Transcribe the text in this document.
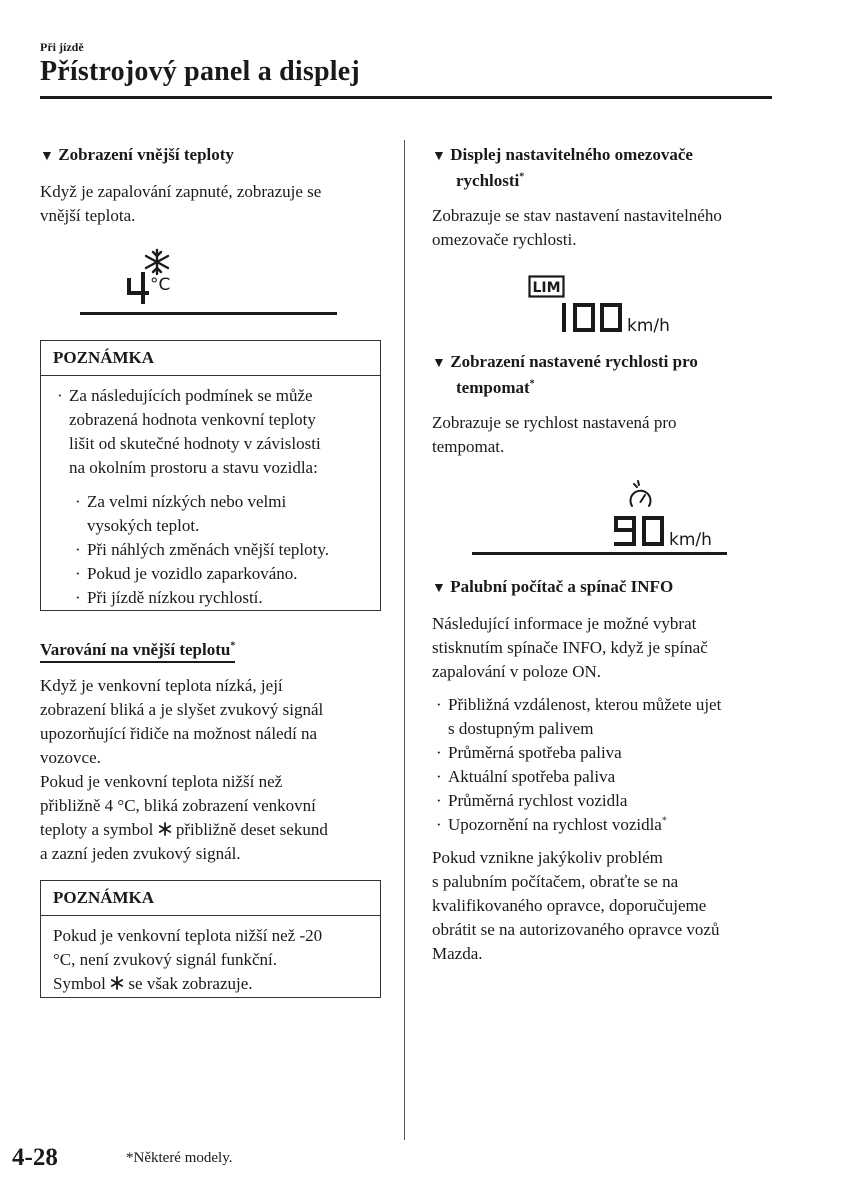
Při jízdě
Přístrojový panel a displej
▼ Zobrazení vnější teploty
Když je zapalování zapnuté, zobrazuje se
vnější teplota.
°C
POZNÁMKA
· Za následujících podmínek se může
zobrazená hodnota venkovní teploty
lišit od skutečné hodnoty v závislosti
na okolním prostoru a stavu vozidla:
· Za velmi nízkých nebo velmi
vysokých teplot.
· Při náhlých změnách vnější teploty.
· Pokud je vozidlo zaparkováno.
· Při jízdě nízkou rychlostí.
Varování na vnější teplotu*
Když je venkovní teplota nízká, její
zobrazení bliká a je slyšet zvukový signál
upozorňující řidiče na možnost náledí na
vozovce.
Pokud je venkovní teplota nižší než
přibližně 4 °C, bliká zobrazení venkovní
teploty a symbol přibližně deset sekund
a zazní jeden zvukový signál.
POZNÁMKA
Pokud je venkovní teplota nižší než -20
°C, není zvukový signál funkční.
Symbol se však zobrazuje.
▼ Displej nastavitelného omezovače
rychlosti*
Zobrazuje se stav nastavení nastavitelného
omezovače rychlosti.
LIM
km/h
▼ Zobrazení nastavené rychlosti pro
tempomat*
Zobrazuje se rychlost nastavená pro
tempomat.
km/h
▼ Palubní počítač a spínač INFO
Následující informace je možné vybrat
stisknutím spínače INFO, když je spínač
zapalování v poloze ON.
· Přibližná vzdálenost, kterou můžete ujet
s dostupným palivem
· Průměrná spotřeba paliva
· Aktuální spotřeba paliva
· Průměrná rychlost vozidla
· Upozornění na rychlost vozidla*
Pokud vznikne jakýkoliv problém
s palubním počítačem, obraťte se na
kvalifikovaného opravce, doporučujeme
obrátit se na autorizovaného opravce vozů
Mazda.
4-28	*Některé modely.
